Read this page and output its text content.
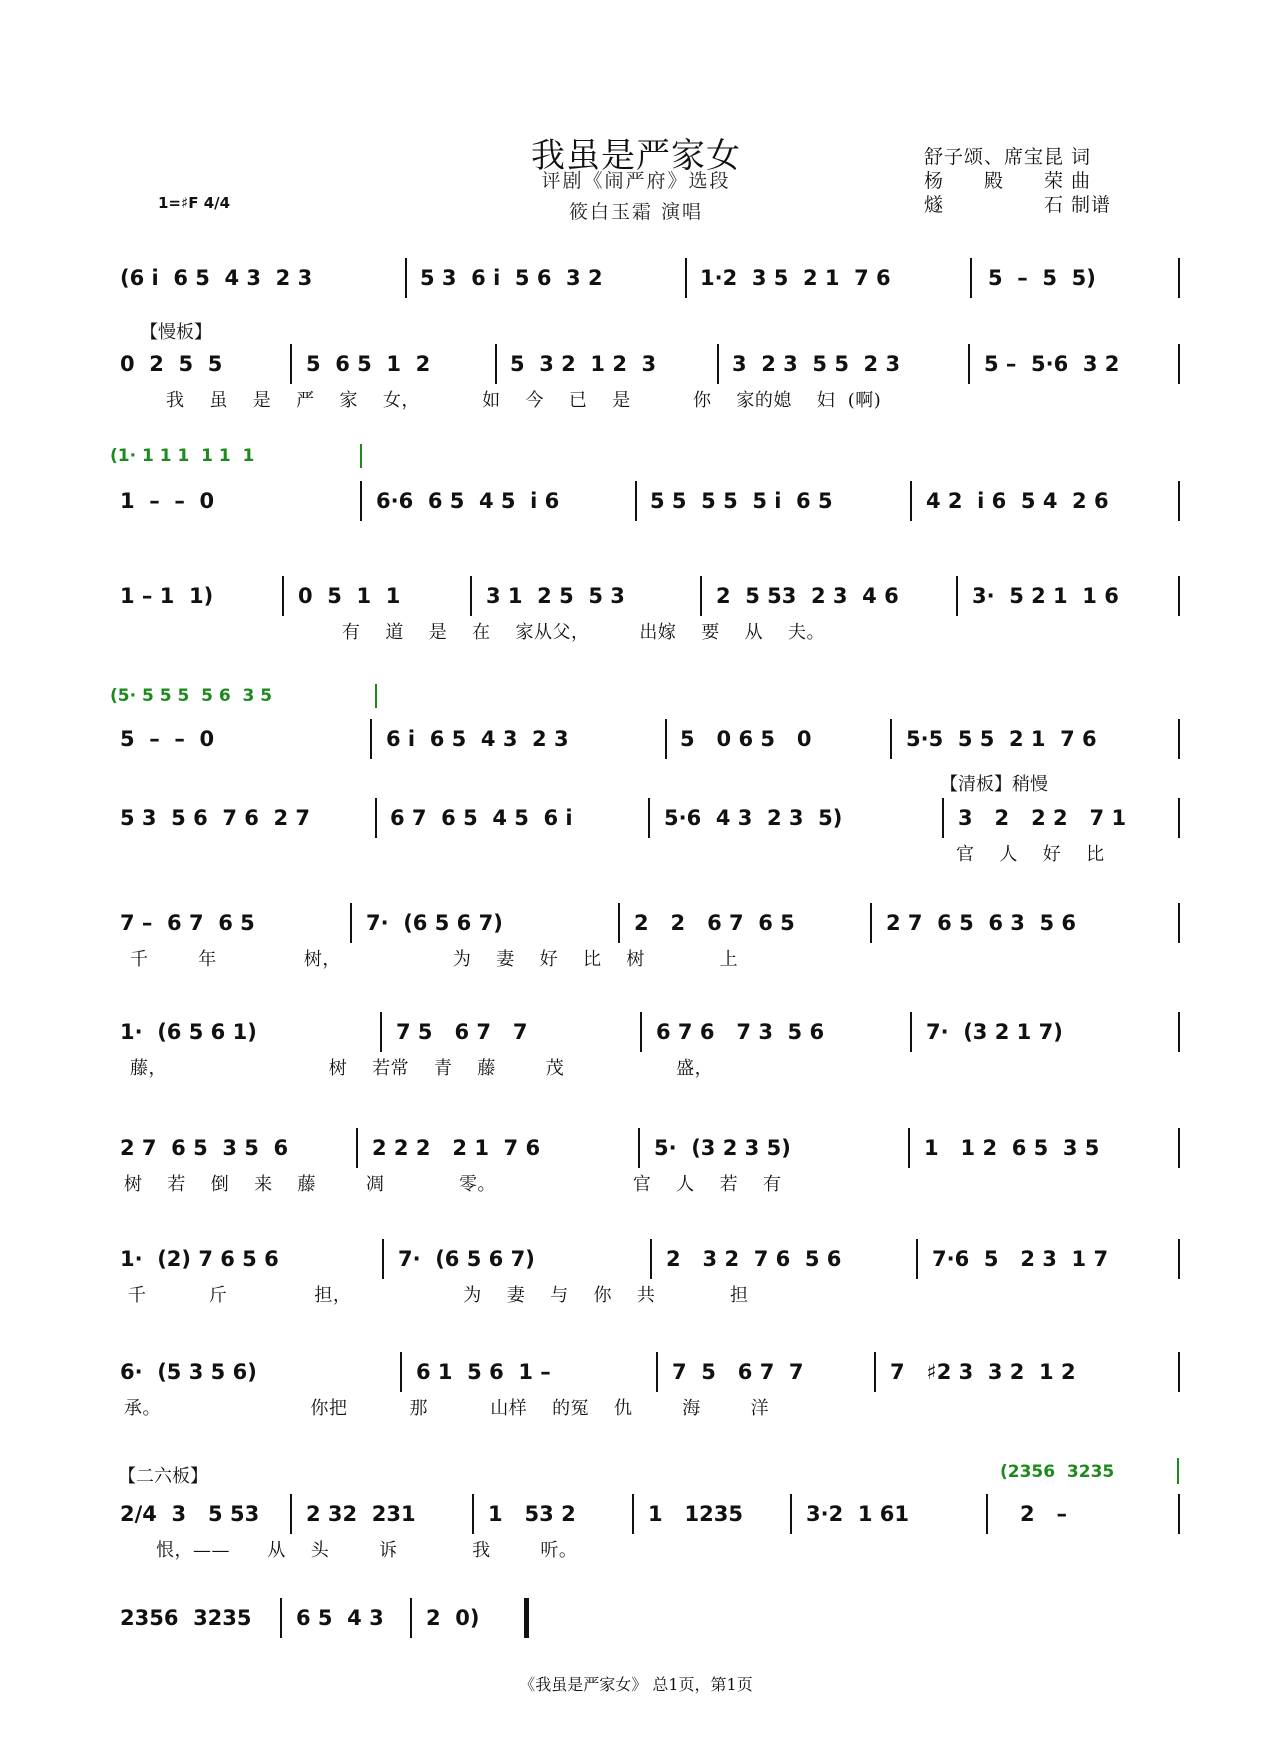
我虽是严家女
评剧《闹严府》选段
筱白玉霜 演唱
舒子颂、席宝昆 词
杨　　殿　　荣 曲
燧　　　　　石 制谱
1=♯F 4/4
(6 i  6 5  4 3  2 3	5 3  6 i  5 6  3 2	1·2  3 5  2 1  7 6	5  –  5  5)
【慢板】
0  2  5  5	5  6 5  1  2	5  3 2  1 2  3	3  2 3  5 5  2 3	5 –  5·6  3 2
我    虽    是    严    家    女，          如    今    已    是          你    家的媳    妇  (啊)
(1· 1 1 1  1 1  1
1  –  –  0	6·6  6 5  4 5  i 6	5 5  5 5  5 i  6 5	4 2  i 6  5 4  2 6
1 – 1  1)	0  5  1  1	3 1  2 5  5 3	2  5 53  2 3  4 6	3·  5 2 1  1 6
有    道    是    在    家从父，        出嫁    要    从    夫。
(5· 5 5 5  5 6  3 5
5  –  –  0	6 i  6 5  4 3  2 3	5   0 6 5   0	5·5  5 5  2 1  7 6
【清板】稍慢
5 3  5 6  7 6  2 7	6 7  6 5  4 5  6 i	5·6  4 3  2 3  5)	3   2   2 2   7 1
官    人    好    比
7 –  6 7  6 5	7·  (6 5 6 7)	2   2   6 7  6 5	2 7  6 5  6 3  5 6
千        年              树，                  为    妻    好    比    树            上
1·  (6 5 6 1)	7 5   6 7   7	6 7 6   7 3  5 6	7·  (3 2 1 7)
藤，                          树    若常    青    藤        茂                  盛，
2 7  6 5  3 5  6	2 2 2   2 1  7 6	5·  (3 2 3 5)	1   1 2  6 5  3 5
树    若    倒    来    藤        凋            零。                      官    人    若    有
1·  (2) 7 6 5 6	7·  (6 5 6 7)	2   3 2  7 6  5 6	7·6  5   2 3  1 7
千          斤              担，                  为    妻    与    你    共            担
6·  (5 3 5 6)	6 1  5 6  1 –	7  5   6 7  7	7   ♯2 3  3 2  1 2
承。                        你把          那          山样    的冤    仇        海        洋
【二六板】	(2356  3235
2/4  3   5 53 2 32  231	1   53 2	1   1235	3·2  1 61	2   –
恨，——      从    头        诉            我        听。
2356  3235 6 5  4 3 2  0)
《我虽是严家女》 总1页，第1页
